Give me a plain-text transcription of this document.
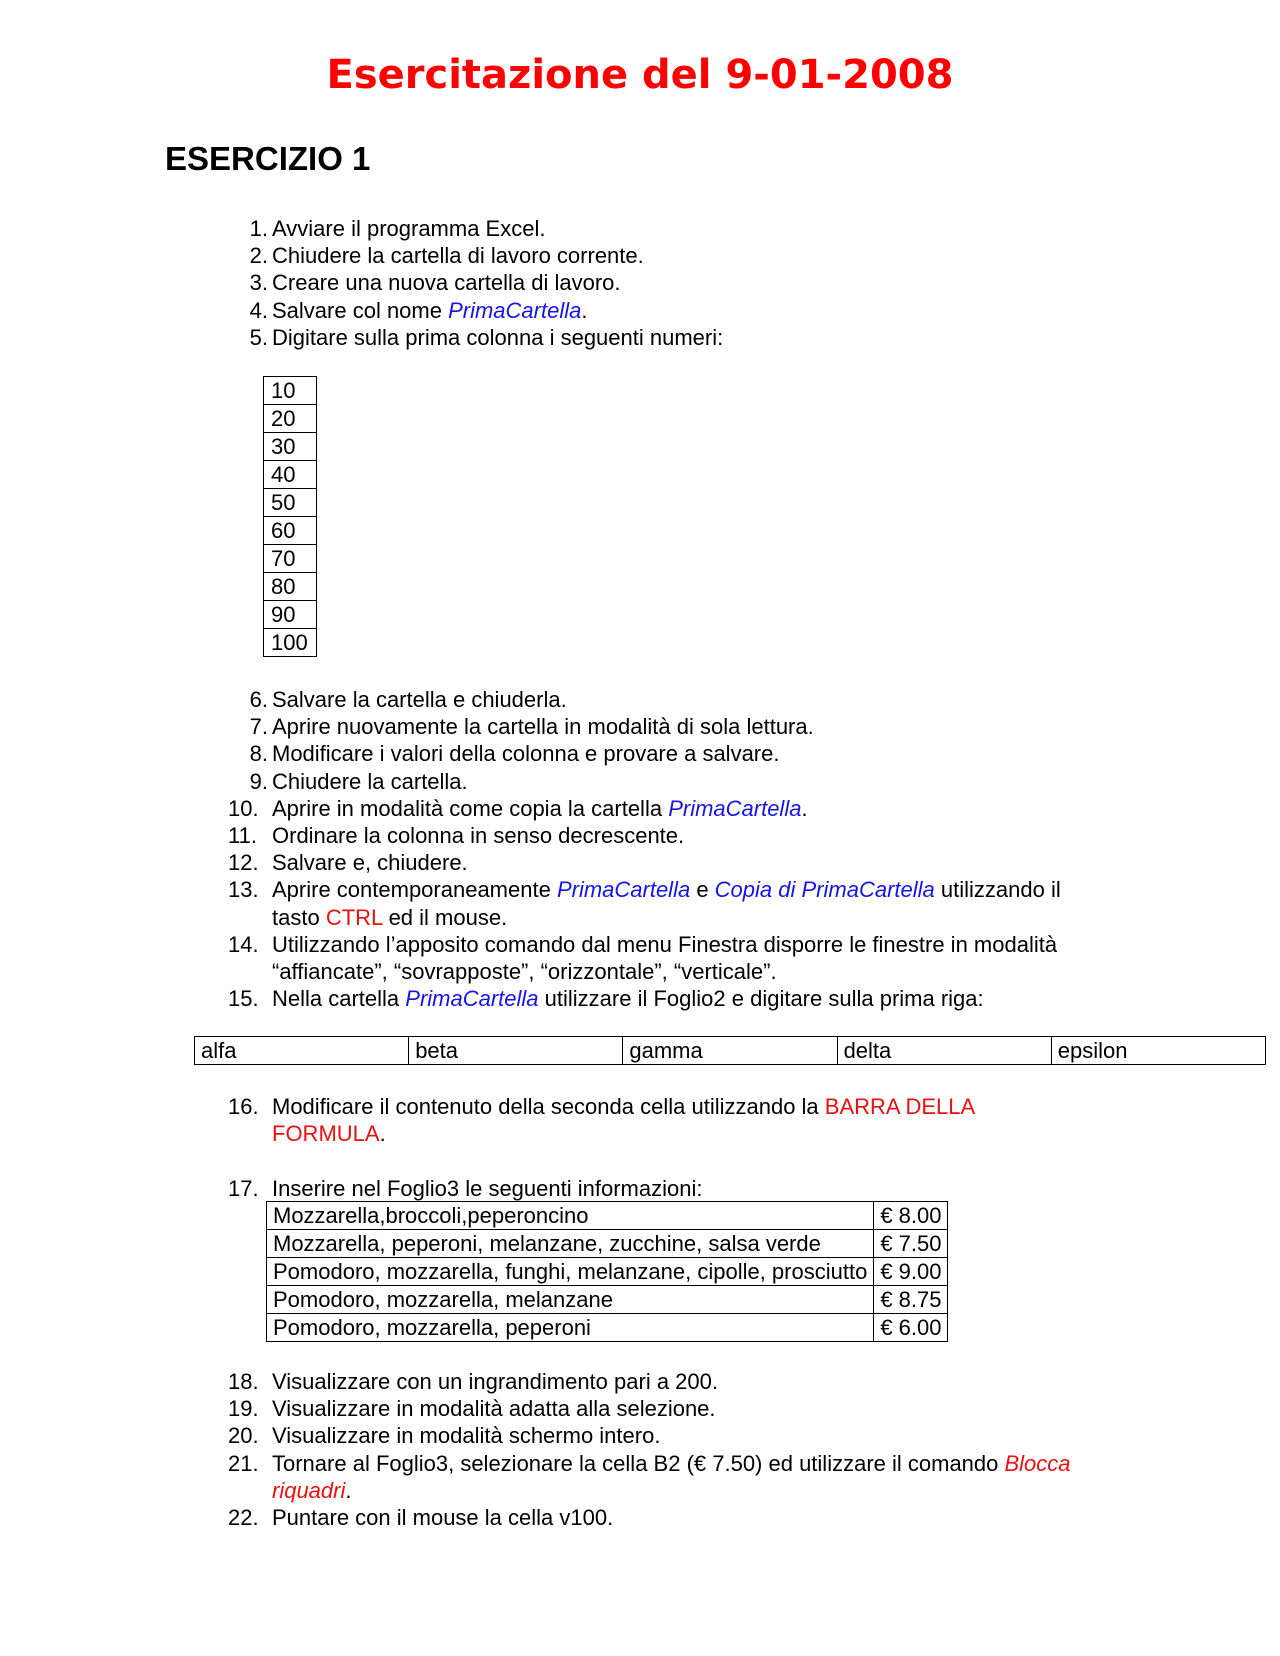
Esercitazione del 9-01-2008
ESERCIZIO 1
1. Avviare il programma Excel.
2. Chiudere la cartella di lavoro corrente.
3. Creare una nuova cartella di lavoro.
4. Salvare col nome PrimaCartella.
5. Digitare sulla prima colonna i seguenti numeri:
10
20
30
40
50
60
70
80
90
100
6. Salvare la cartella e chiuderla.
7. Aprire nuovamente la cartella in modalità di sola lettura.
8. Modificare i valori della colonna e provare a salvare.
9. Chiudere la cartella.
10. Aprire in modalità come copia la cartella PrimaCartella.
11. Ordinare la colonna in senso decrescente.
12. Salvare e, chiudere.
13. Aprire contemporaneamente PrimaCartella e Copia di PrimaCartella utilizzando il tasto CTRL ed il mouse.
14. Utilizzando l’apposito comando dal menu Finestra disporre le finestre in modalità “affiancate”, “sovrapposte”, “orizzontale”, “verticale”.
15. Nella cartella PrimaCartella utilizzare il Foglio2 e digitare sulla prima riga:
alfa	beta	gamma	delta	epsilon
16. Modificare il contenuto della seconda cella utilizzando la BARRA DELLA FORMULA.
17. Inserire nel Foglio3 le seguenti informazioni:
Mozzarella,broccoli,peperoncino	€ 8.00
Mozzarella, peperoni, melanzane, zucchine, salsa verde	€ 7.50
Pomodoro, mozzarella, funghi, melanzane, cipolle, prosciutto	€ 9.00
Pomodoro, mozzarella, melanzane	€ 8.75
Pomodoro, mozzarella, peperoni	€ 6.00
18. Visualizzare con un ingrandimento pari a 200.
19. Visualizzare in modalità adatta alla selezione.
20. Visualizzare in modalità schermo intero.
21. Tornare al Foglio3, selezionare la cella B2 (€ 7.50) ed utilizzare il comando Blocca riquadri.
22. Puntare con il mouse la cella v100.
